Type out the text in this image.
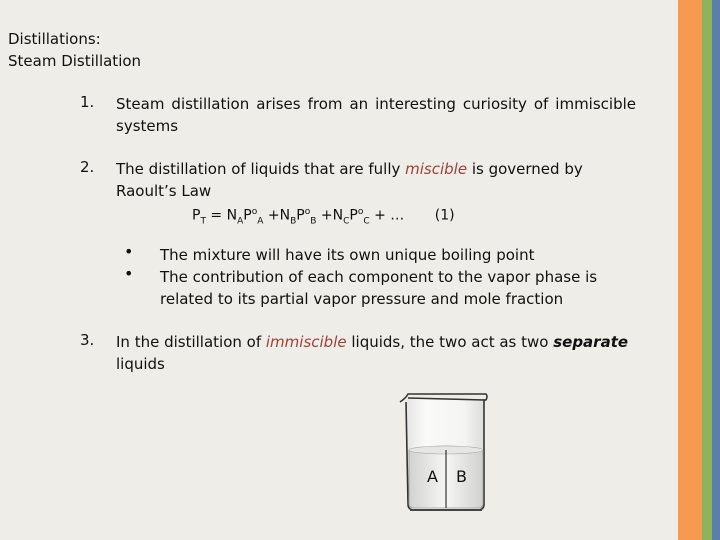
Distillations:
Steam Distillation
1. Steam distillation arises from an interesting curiosity of immiscible systems
2. The distillation of liquids that are fully miscible is governed by Raoult’s Law
$P_T = N_AP^o_A +N_BP^o_B +N_CP^o_C$ + … (1)
• The mixture will have its own unique boiling point
• The contribution of each component to the vapor phase is related to its partial vapor pressure and mole fraction
3. In the distillation of immiscible liquids, the two act as two separate liquids
A B
